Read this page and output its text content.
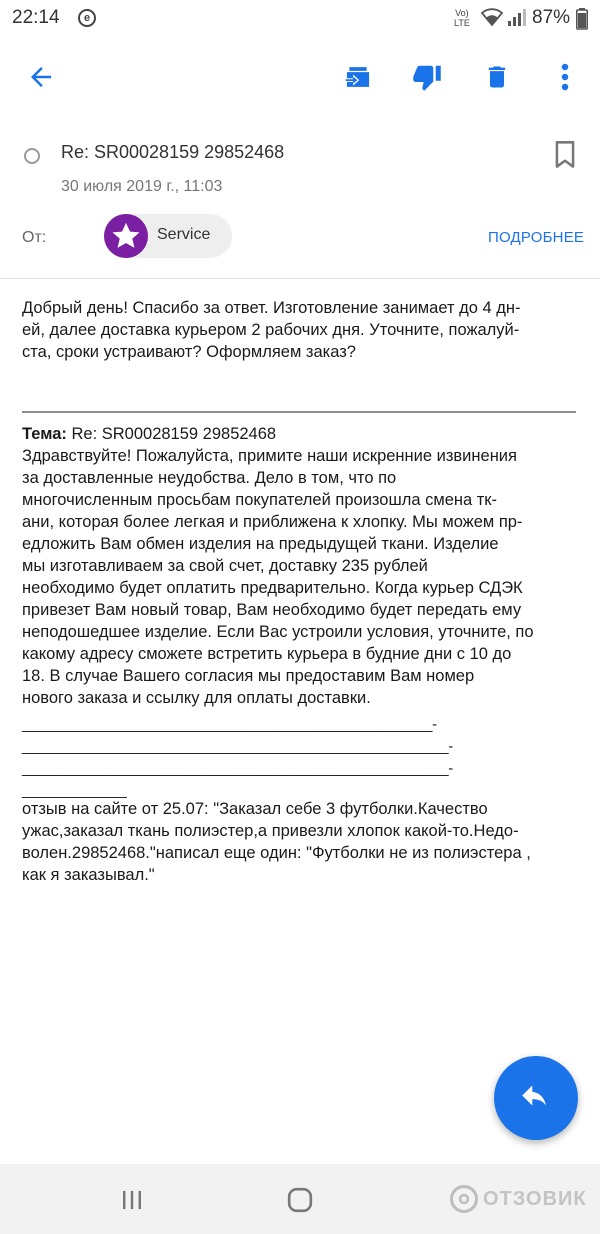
22:14	e	Vo)
LTE	87%
Re: SR00028159 29852468
30 июля 2019 г., 11:03
От:	Service	ПОДРОБНЕЕ
Добрый день! Спасибо за ответ. Изготовление занимает до 4 дн-
ей, далее доставка курьером 2 рабочих дня. Уточните, пожалуй-
ста, сроки устраивают? Оформляем заказ?
Тема: Re: SR00028159 29852468
Здравствуйте! Пожалуйста, примите наши искренние извинения
за доставленные неудобства. Дело в том, что по
многочисленным просьбам покупателей произошла смена тк-
ани, которая более легкая и приближена к хлопку. Мы можем пр-
едложить Вам обмен изделия на предыдущей ткани. Изделие
мы изготавливаем за свой счет, доставку 235 рублей
необходимо будет оплатить предварительно. Когда курьер СДЭК
привезет Вам новый товар, Вам необходимо будет передать ему
неподошедшее изделие. Если Вас устроили условия, уточните, по
какому адресу сможете встретить курьера в будние дни с 10 до
18. В случае Вашего согласия мы предоставим Вам номер
нового заказа и ссылку для оплаты доставки.
___________________________________________________-
_____________________________________________________-
_____________________________________________________-
_____________
отзыв на сайте от 25.07: "Заказал себе 3 футболки.Качество
ужас,заказал ткань полиэстер,а привезли хлопок какой-то.Недо-
волен.29852468."написал еще один: "Футболки не из полиэстера ,
как я заказывал."
ОТЗОВИК
